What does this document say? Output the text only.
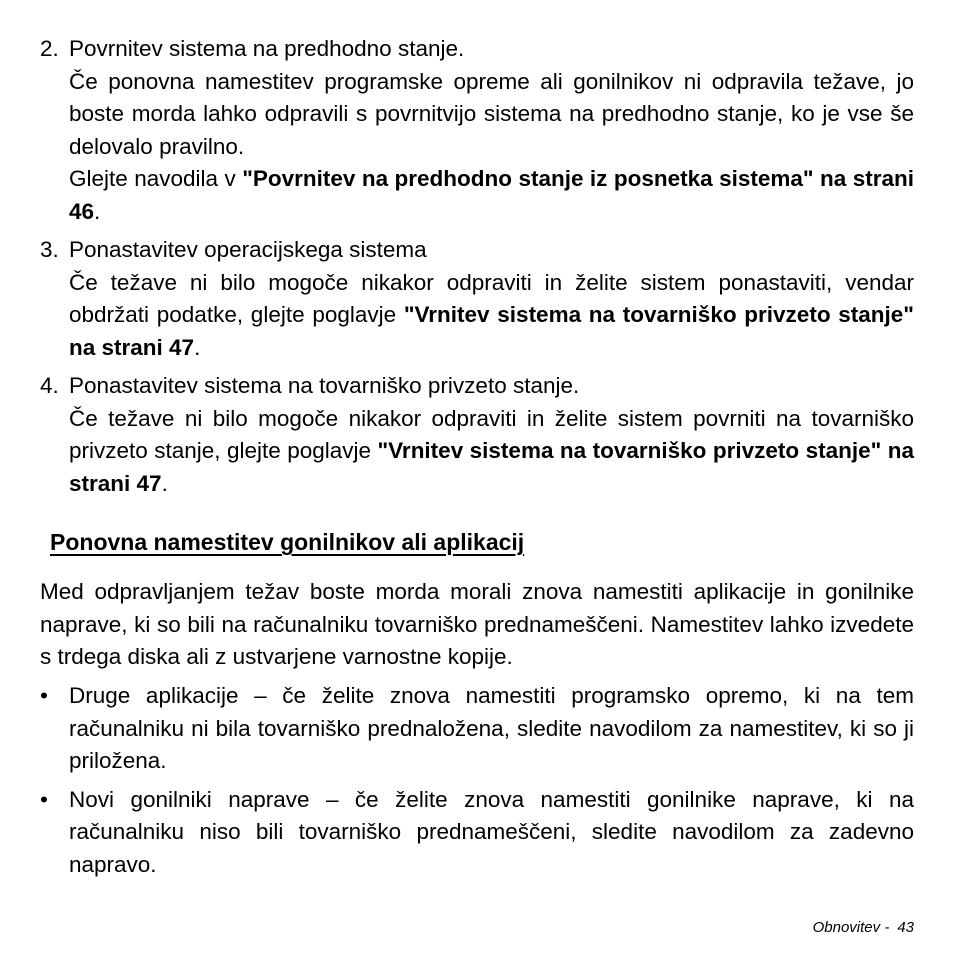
2. Povrnitev sistema na predhodno stanje.
Če ponovna namestitev programske opreme ali gonilnikov ni odpravila težave, jo boste morda lahko odpravili s povrnitvijo sistema na predhodno stanje, ko je vse še delovalo pravilno.
Glejte navodila v "Povrnitev na predhodno stanje iz posnetka sistema" na strani 46.
3. Ponastavitev operacijskega sistema
Če težave ni bilo mogoče nikakor odpraviti in želite sistem ponastaviti, vendar obdržati podatke, glejte poglavje "Vrnitev sistema na tovarniško privzeto stanje" na strani 47.
4. Ponastavitev sistema na tovarniško privzeto stanje.
Če težave ni bilo mogoče nikakor odpraviti in želite sistem povrniti na tovarniško privzeto stanje, glejte poglavje "Vrnitev sistema na tovarniško privzeto stanje" na strani 47.
Ponovna namestitev gonilnikov ali aplikacij
Med odpravljanjem težav boste morda morali znova namestiti aplikacije in gonilnike naprave, ki so bili na računalniku tovarniško prednameščeni. Namestitev lahko izvedete s trdega diska ali z ustvarjene varnostne kopije.
• Druge aplikacije – če želite znova namestiti programsko opremo, ki na tem računalniku ni bila tovarniško prednaložena, sledite navodilom za namestitev, ki so ji priložena.
• Novi gonilniki naprave – če želite znova namestiti gonilnike naprave, ki na računalniku niso bili tovarniško prednameščeni, sledite navodilom za zadevno napravo.
Obnovitev - 43
